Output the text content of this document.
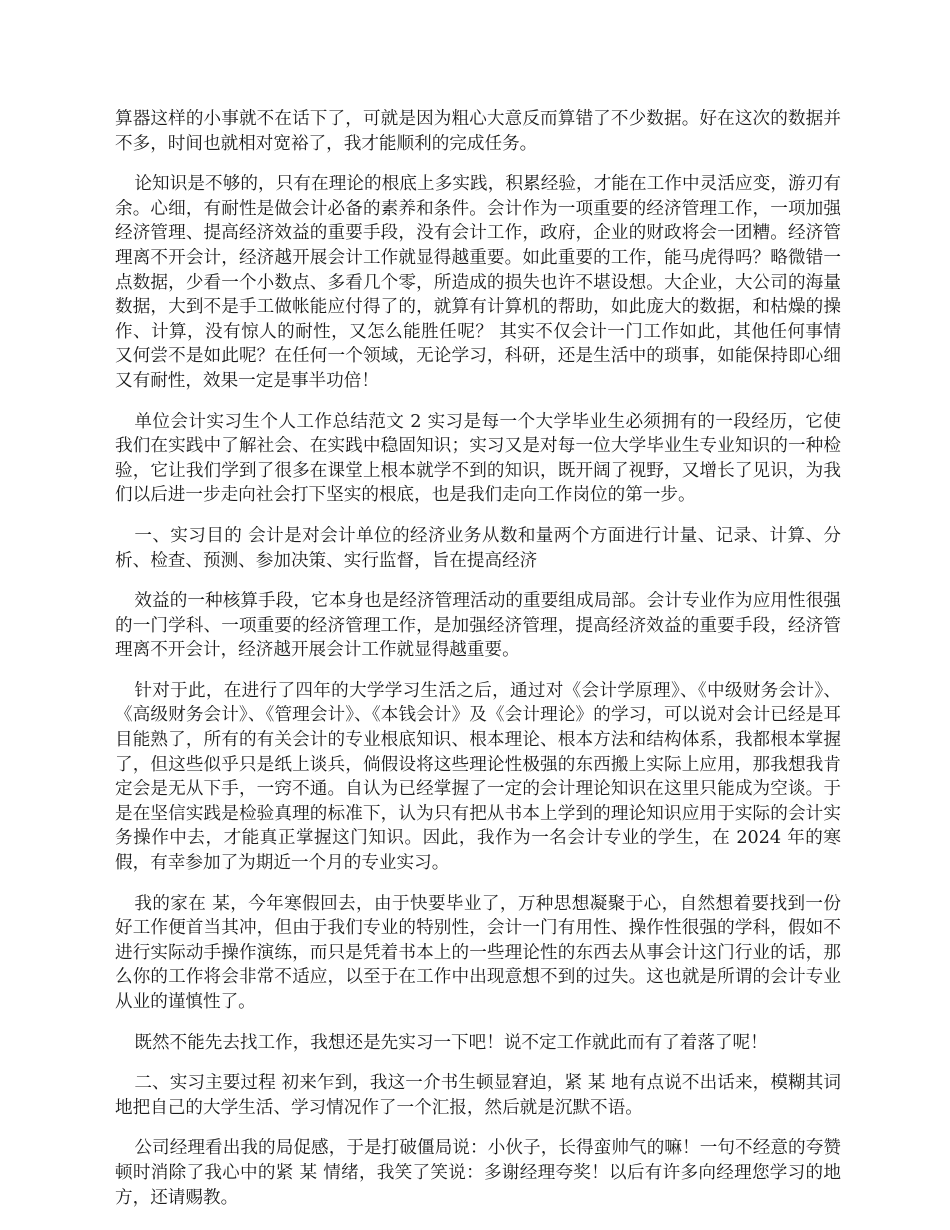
算器这样的小事就不在话下了，可就是因为粗心大意反而算错了不少数据。好在这次的数据并不多，时间也就相对宽裕了，我才能顺利的完成任务。

论知识是不够的，只有在理论的根底上多实践，积累经验，才能在工作中灵活应变，游刃有余。心细，有耐性是做会计必备的素养和条件。会计作为一项重要的经济管理工作，一项加强经济管理、提高经济效益的重要手段，没有会计工作，政府，企业的财政将会一团糟。经济管理离不开会计，经济越开展会计工作就显得越重要。如此重要的工作，能马虎得吗？略微错一点数据，少看一个小数点、多看几个零，所造成的损失也许不堪设想。大企业，大公司的海量数据，大到不是手工做帐能应付得了的，就算有计算机的帮助，如此庞大的数据，和枯燥的操作、计算，没有惊人的耐性，又怎么能胜任呢？ 其实不仅会计一门工作如此，其他任何事情又何尝不是如此呢？在任何一个领域，无论学习，科研，还是生活中的琐事，如能保持即心细又有耐性，效果一定是事半功倍！

单位会计实习生个人工作总结范文 2 实习是每一个大学毕业生必须拥有的一段经历，它使我们在实践中了解社会、在实践中稳固知识；实习又是对每一位大学毕业生专业知识的一种检验，它让我们学到了很多在课堂上根本就学不到的知识，既开阔了视野，又增长了见识，为我们以后进一步走向社会打下坚实的根底，也是我们走向工作岗位的第一步。

一、实习目的 会计是对会计单位的经济业务从数和量两个方面进行计量、记录、计算、分析、检查、预测、参加决策、实行监督，旨在提高经济

效益的一种核算手段，它本身也是经济管理活动的重要组成局部。会计专业作为应用性很强的一门学科、一项重要的经济管理工作，是加强经济管理，提高经济效益的重要手段，经济管理离不开会计，经济越开展会计工作就显得越重要。

针对于此，在进行了四年的大学学习生活之后，通过对《会计学原理》、《中级财务会计》、《高级财务会计》、《管理会计》、《本钱会计》及《会计理论》的学习，可以说对会计已经是耳目能熟了，所有的有关会计的专业根底知识、根本理论、根本方法和结构体系，我都根本掌握了，但这些似乎只是纸上谈兵，倘假设将这些理论性极强的东西搬上实际上应用，那我想我肯定会是无从下手，一窍不通。自认为已经掌握了一定的会计理论知识在这里只能成为空谈。于是在坚信实践是检验真理的标准下，认为只有把从书本上学到的理论知识应用于实际的会计实务操作中去，才能真正掌握这门知识。因此，我作为一名会计专业的学生，在 2024 年的寒假，有幸参加了为期近一个月的专业实习。

我的家在 某，今年寒假回去，由于快要毕业了，万种思想凝聚于心，自然想着要找到一份好工作便首当其冲，但由于我们专业的特别性，会计一门有用性、操作性很强的学科，假如不进行实际动手操作演练，而只是凭着书本上的一些理论性的东西去从事会计这门行业的话，那么你的工作将会非常不适应，以至于在工作中出现意想不到的过失。这也就是所谓的会计专业从业的谨慎性了。

既然不能先去找工作，我想还是先实习一下吧！说不定工作就此而有了着落了呢！

二、实习主要过程 初来乍到，我这一介书生顿显窘迫，紧 某 地有点说不出话来，模糊其词地把自己的大学生活、学习情况作了一个汇报，然后就是沉默不语。

公司经理看出我的局促感，于是打破僵局说：小伙子，长得蛮帅气的嘛！一句不经意的夸赞顿时消除了我心中的紧 某 情绪，我笑了笑说：多谢经理夸奖！以后有许多向经理您学习的地方，还请赐教。
